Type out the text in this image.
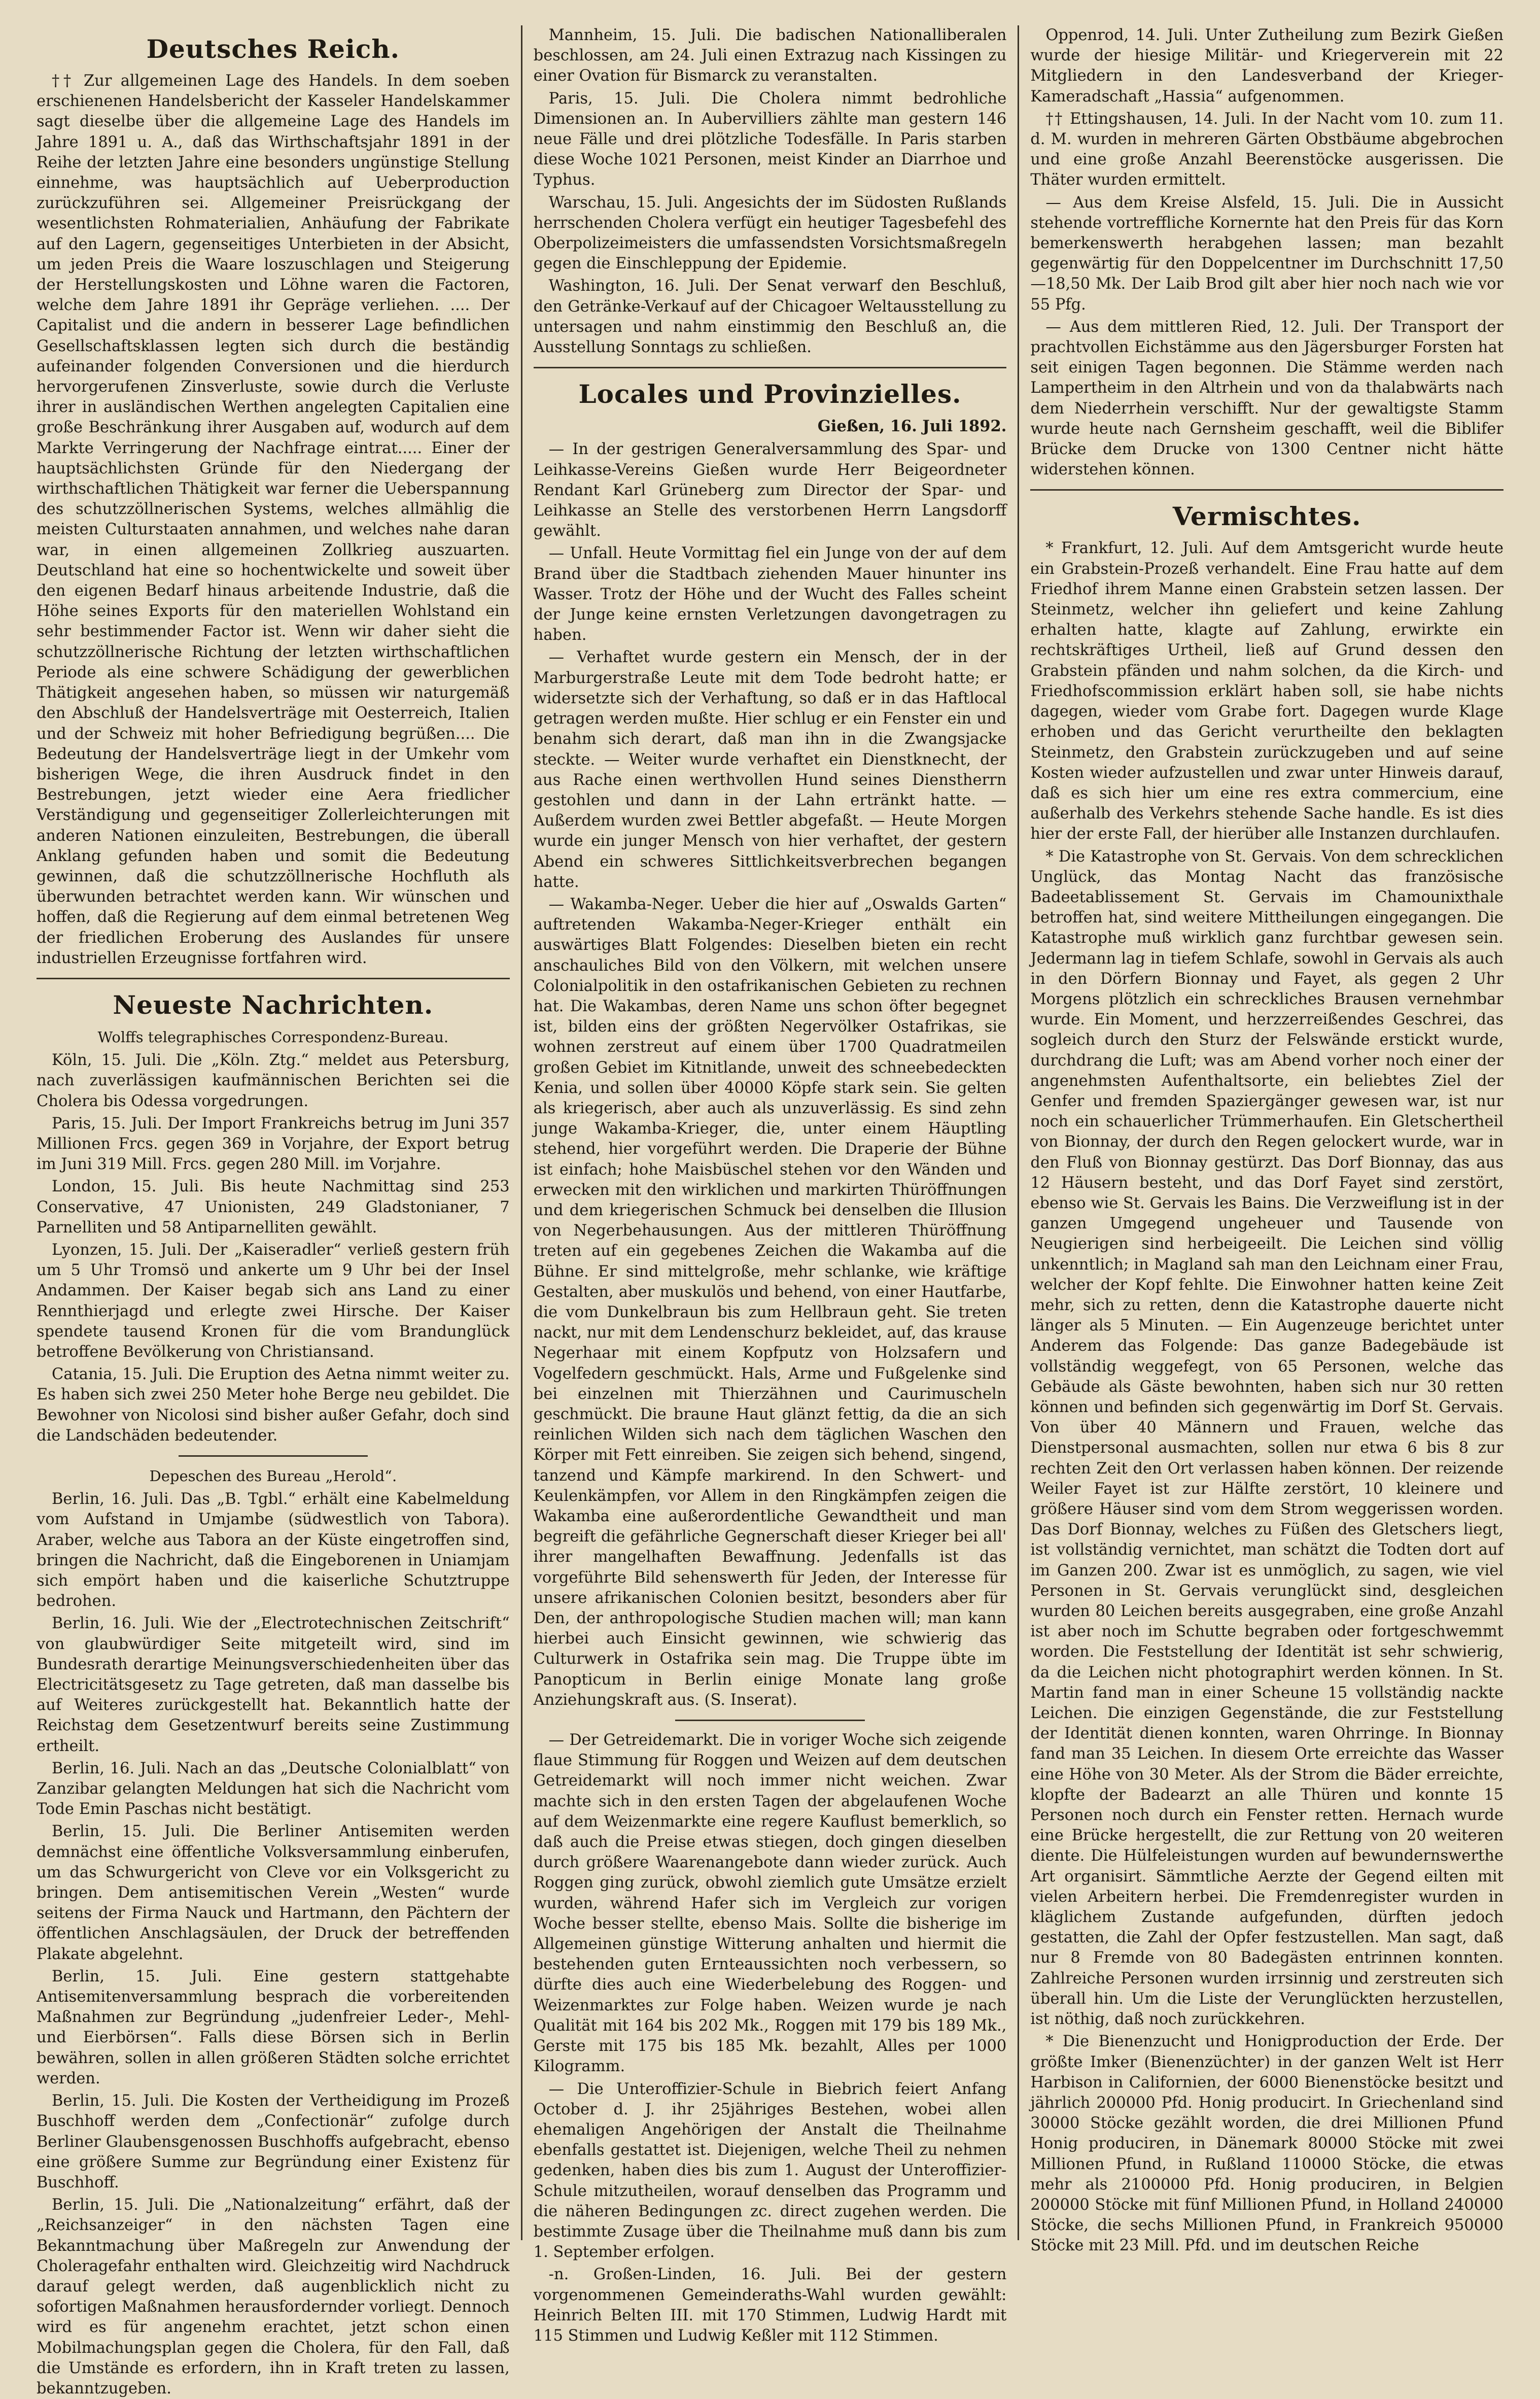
Deutsches Reich.

†† Zur allgemeinen Lage des Handels. In dem soeben erschienenen Handelsbericht der Kasseler Handelskammer sagt dieselbe über die allgemeine Lage des Handels im Jahre 1891 u. A., daß das Wirthschaftsjahr 1891 in der Reihe der letzten Jahre eine besonders ungünstige Stellung einnehme, was hauptsächlich auf Ueberproduction zurückzuführen sei. Allgemeiner Preisrückgang der wesentlichsten Rohmaterialien, Anhäufung der Fabrikate auf den Lagern, gegenseitiges Unterbieten in der Absicht, um jeden Preis die Waare loszuschlagen und Steigerung der Herstellungskosten und Löhne waren die Factoren, welche dem Jahre 1891 ihr Gepräge verliehen. .... Der Capitalist und die andern in besserer Lage befindlichen Gesellschaftsklassen legten sich durch die beständig aufeinander folgenden Conversionen und die hierdurch hervorgerufenen Zinsverluste, sowie durch die Verluste ihrer in ausländischen Werthen angelegten Capitalien eine große Beschränkung ihrer Ausgaben auf, wodurch auf dem Markte Verringerung der Nachfrage eintrat..... Einer der hauptsächlichsten Gründe für den Niedergang der wirthschaftlichen Thätigkeit war ferner die Ueberspannung des schutzzöllnerischen Systems, welches allmählig die meisten Culturstaaten annahmen, und welches nahe daran war, in einen allgemeinen Zollkrieg auszuarten. Deutschland hat eine so hochentwickelte und soweit über den eigenen Bedarf hinaus arbeitende Industrie, daß die Höhe seines Exports für den materiellen Wohlstand ein sehr bestimmender Factor ist. Wenn wir daher sieht die schutzzöllnerische Richtung der letzten wirthschaftlichen Periode als eine schwere Schädigung der gewerblichen Thätigkeit angesehen haben, so müssen wir naturgemäß den Abschluß der Handelsverträge mit Oesterreich, Italien und der Schweiz mit hoher Befriedigung begrüßen.... Die Bedeutung der Handelsverträge liegt in der Umkehr vom bisherigen Wege, die ihren Ausdruck findet in den Bestrebungen, jetzt wieder eine Aera friedlicher Verständigung und gegenseitiger Zollerleichterungen mit anderen Nationen einzuleiten, Bestrebungen, die überall Anklang gefunden haben und somit die Bedeutung gewinnen, daß die schutzzöllnerische Hochfluth als überwunden betrachtet werden kann. Wir wünschen und hoffen, daß die Regierung auf dem einmal betretenen Weg der friedlichen Eroberung des Auslandes für unsere industriellen Erzeugnisse fortfahren wird.

Neueste Nachrichten.
Wolffs telegraphisches Correspondenz-Bureau.

Köln, 15. Juli. Die „Köln. Ztg.“ meldet aus Petersburg, nach zuverlässigen kaufmännischen Berichten sei die Cholera bis Odessa vorgedrungen.

Paris, 15. Juli. Der Import Frankreichs betrug im Juni 357 Millionen Frcs. gegen 369 in Vorjahre, der Export betrug im Juni 319 Mill. Frcs. gegen 280 Mill. im Vorjahre.

London, 15. Juli. Bis heute Nachmittag sind 253 Conservative, 47 Unionisten, 249 Gladstonianer, 7 Parnelliten und 58 Antiparnelliten gewählt.

Lyonzen, 15. Juli. Der „Kaiseradler“ verließ gestern früh um 5 Uhr Tromsö und ankerte um 9 Uhr bei der Insel Andammen. Der Kaiser begab sich ans Land zu einer Rennthierjagd und erlegte zwei Hirsche. Der Kaiser spendete tausend Kronen für die vom Brandunglück betroffene Bevölkerung von Christiansand.

Catania, 15. Juli. Die Eruption des Aetna nimmt weiter zu. Es haben sich zwei 250 Meter hohe Berge neu gebildet. Die Bewohner von Nicolosi sind bisher außer Gefahr, doch sind die Landschäden bedeutender.

Depeschen des Bureau „Herold“.

Berlin, 16. Juli. Das „B. Tgbl.“ erhält eine Kabelmeldung vom Aufstand in Umjambe (südwestlich von Tabora). Araber, welche aus Tabora an der Küste eingetroffen sind, bringen die Nachricht, daß die Eingeborenen in Uniamjam sich empört haben und die kaiserliche Schutztruppe bedrohen.

Berlin, 16. Juli. Wie der „Electrotechnischen Zeitschrift“ von glaubwürdiger Seite mitgeteilt wird, sind im Bundesrath derartige Meinungsverschiedenheiten über das Electricitätsgesetz zu Tage getreten, daß man dasselbe bis auf Weiteres zurückgestellt hat. Bekanntlich hatte der Reichstag dem Gesetzentwurf bereits seine Zustimmung ertheilt.

Berlin, 16. Juli. Nach an das „Deutsche Colonialblatt“ von Zanzibar gelangten Meldungen hat sich die Nachricht vom Tode Emin Paschas nicht bestätigt.

Berlin, 15. Juli. Die Berliner Antisemiten werden demnächst eine öffentliche Volksversammlung einberufen, um das Schwurgericht von Cleve vor ein Volksgericht zu bringen. Dem antisemitischen Verein „Westen“ wurde seitens der Firma Nauck und Hartmann, den Pächtern der öffentlichen Anschlagsäulen, der Druck der betreffenden Plakate abgelehnt.

Berlin, 15. Juli. Eine gestern stattgehabte Antisemitenversammlung besprach die vorbereitenden Maßnahmen zur Begründung „judenfreier Leder-, Mehl- und Eierbörsen“. Falls diese Börsen sich in Berlin bewähren, sollen in allen größeren Städten solche errichtet werden.

Berlin, 15. Juli. Die Kosten der Vertheidigung im Prozeß Buschhoff werden dem „Confectionär“ zufolge durch Berliner Glaubensgenossen Buschhoffs aufgebracht, ebenso eine größere Summe zur Begründung einer Existenz für Buschhoff.

Berlin, 15. Juli. Die „Nationalzeitung“ erfährt, daß der „Reichsanzeiger“ in den nächsten Tagen eine Bekanntmachung über Maßregeln zur Anwendung der Choleragefahr enthalten wird. Gleichzeitig wird Nachdruck darauf gelegt werden, daß augenblicklich nicht zu sofortigen Maßnahmen herausfordernder vorliegt. Dennoch wird es für angenehm erachtet, jetzt schon einen Mobilmachungsplan gegen die Cholera, für den Fall, daß die Umstände es erfordern, ihn in Kraft treten zu lassen, bekanntzugeben.

Mannheim, 15. Juli. Die badischen Nationalliberalen beschlossen, am 24. Juli einen Extrazug nach Kissingen zu einer Ovation für Bismarck zu veranstalten.

Paris, 15. Juli. Die Cholera nimmt bedrohliche Dimensionen an. In Aubervilliers zählte man gestern 146 neue Fälle und drei plötzliche Todesfälle. In Paris starben diese Woche 1021 Personen, meist Kinder an Diarrhoe und Typhus.

Warschau, 15. Juli. Angesichts der im Südosten Rußlands herrschenden Cholera verfügt ein heutiger Tagesbefehl des Oberpolizeimeisters die umfassendsten Vorsichtsmaßregeln gegen die Einschleppung der Epidemie.

Washington, 16. Juli. Der Senat verwarf den Beschluß, den Getränke-Verkauf auf der Chicagoer Weltausstellung zu untersagen und nahm einstimmig den Beschluß an, die Ausstellung Sonntags zu schließen.

Locales und Provinzielles.
Gießen, 16. Juli 1892.

— In der gestrigen Generalversammlung des Spar- und Leihkasse-Vereins Gießen wurde Herr Beigeordneter Rendant Karl Grüneberg zum Director der Spar- und Leihkasse an Stelle des verstorbenen Herrn Langsdorff gewählt.

— Unfall. Heute Vormittag fiel ein Junge von der auf dem Brand über die Stadtbach ziehenden Mauer hinunter ins Wasser. Trotz der Höhe und der Wucht des Falles scheint der Junge keine ernsten Verletzungen davongetragen zu haben.

— Verhaftet wurde gestern ein Mensch, der in der Marburgerstraße Leute mit dem Tode bedroht hatte; er widersetzte sich der Verhaftung, so daß er in das Haftlocal getragen werden mußte. Hier schlug er ein Fenster ein und benahm sich derart, daß man ihn in die Zwangsjacke steckte. — Weiter wurde verhaftet ein Dienstknecht, der aus Rache einen werthvollen Hund seines Dienstherrn gestohlen und dann in der Lahn ertränkt hatte. — Außerdem wurden zwei Bettler abgefaßt. — Heute Morgen wurde ein junger Mensch von hier verhaftet, der gestern Abend ein schweres Sittlichkeitsverbrechen begangen hatte.

— Wakamba-Neger. Ueber die hier auf „Oswalds Garten“ auftretenden Wakamba-Neger-Krieger enthält ein auswärtiges Blatt Folgendes: Dieselben bieten ein recht anschauliches Bild von den Völkern, mit welchen unsere Colonialpolitik in den ostafrikanischen Gebieten zu rechnen hat. Die Wakambas, deren Name uns schon öfter begegnet ist, bilden eins der größten Negervölker Ostafrikas, sie wohnen zerstreut auf einem über 1700 Quadratmeilen großen Gebiet im Kitnitlande, unweit des schneebedeckten Kenia, und sollen über 40000 Köpfe stark sein. Sie gelten als kriegerisch, aber auch als unzuverlässig. Es sind zehn junge Wakamba-Krieger, die, unter einem Häuptling stehend, hier vorgeführt werden. Die Draperie der Bühne ist einfach; hohe Maisbüschel stehen vor den Wänden und erwecken mit den wirklichen und markirten Thüröffnungen und dem kriegerischen Schmuck bei denselben die Illusion von Negerbehausungen. Aus der mittleren Thüröffnung treten auf ein gegebenes Zeichen die Wakamba auf die Bühne. Er sind mittelgroße, mehr schlanke, wie kräftige Gestalten, aber muskulös und behend, von einer Hautfarbe, die vom Dunkelbraun bis zum Hellbraun geht. Sie treten nackt, nur mit dem Lendenschurz bekleidet, auf, das krause Negerhaar mit einem Kopfputz von Holzsafern und Vogelfedern geschmückt. Hals, Arme und Fußgelenke sind bei einzelnen mit Thierzähnen und Caurimuscheln geschmückt. Die braune Haut glänzt fettig, da die an sich reinlichen Wilden sich nach dem täglichen Waschen den Körper mit Fett einreiben. Sie zeigen sich behend, singend, tanzend und Kämpfe markirend. In den Schwert- und Keulenkämpfen, vor Allem in den Ringkämpfen zeigen die Wakamba eine außerordentliche Gewandtheit und man begreift die gefährliche Gegnerschaft dieser Krieger bei all' ihrer mangelhaften Bewaffnung. Jedenfalls ist das vorgeführte Bild sehenswerth für Jeden, der Interesse für unsere afrikanischen Colonien besitzt, besonders aber für Den, der anthropologische Studien machen will; man kann hierbei auch Einsicht gewinnen, wie schwierig das Culturwerk in Ostafrika sein mag. Die Truppe übte im Panopticum in Berlin einige Monate lang große Anziehungskraft aus. (S. Inserat).

— Der Getreidemarkt. Die in voriger Woche sich zeigende flaue Stimmung für Roggen und Weizen auf dem deutschen Getreidemarkt will noch immer nicht weichen. Zwar machte sich in den ersten Tagen der abgelaufenen Woche auf dem Weizenmarkte eine regere Kauflust bemerklich, so daß auch die Preise etwas stiegen, doch gingen dieselben durch größere Waarenangebote dann wieder zurück. Auch Roggen ging zurück, obwohl ziemlich gute Umsätze erzielt wurden, während Hafer sich im Vergleich zur vorigen Woche besser stellte, ebenso Mais. Sollte die bisherige im Allgemeinen günstige Witterung anhalten und hiermit die bestehenden guten Ernteaussichten noch verbessern, so dürfte dies auch eine Wiederbelebung des Roggen- und Weizenmarktes zur Folge haben. Weizen wurde je nach Qualität mit 164 bis 202 Mk., Roggen mit 179 bis 189 Mk., Gerste mit 175 bis 185 Mk. bezahlt, Alles per 1000 Kilogramm.

— Die Unteroffizier-Schule in Biebrich feiert Anfang October d. J. ihr 25jähriges Bestehen, wobei allen ehemaligen Angehörigen der Anstalt die Theilnahme ebenfalls gestattet ist. Diejenigen, welche Theil zu nehmen gedenken, haben dies bis zum 1. August der Unteroffizier-Schule mitzutheilen, worauf denselben das Programm und die näheren Bedingungen zc. direct zugehen werden. Die bestimmte Zusage über die Theilnahme muß dann bis zum 1. September erfolgen.

-n. Großen-Linden, 16. Juli. Bei der gestern vorgenommenen Gemeinderaths-Wahl wurden gewählt: Heinrich Belten III. mit 170 Stimmen, Ludwig Hardt mit 115 Stimmen und Ludwig Keßler mit 112 Stimmen.

Oppenrod, 14. Juli. Unter Zutheilung zum Bezirk Gießen wurde der hiesige Militär- und Kriegerverein mit 22 Mitgliedern in den Landesverband der Krieger-Kameradschaft „Hassia“ aufgenommen.

†† Ettingshausen, 14. Juli. In der Nacht vom 10. zum 11. d. M. wurden in mehreren Gärten Obstbäume abgebrochen und eine große Anzahl Beerenstöcke ausgerissen. Die Thäter wurden ermittelt.

— Aus dem Kreise Alsfeld, 15. Juli. Die in Aussicht stehende vortreffliche Kornernte hat den Preis für das Korn bemerkenswerth herabgehen lassen; man bezahlt gegenwärtig für den Doppelcentner im Durchschnitt 17,50—18,50 Mk. Der Laib Brod gilt aber hier noch nach wie vor 55 Pfg.

— Aus dem mittleren Ried, 12. Juli. Der Transport der prachtvollen Eichstämme aus den Jägersburger Forsten hat seit einigen Tagen begonnen. Die Stämme werden nach Lampertheim in den Altrhein und von da thalabwärts nach dem Niederrhein verschifft. Nur der gewaltigste Stamm wurde heute nach Gernsheim geschafft, weil die Biblifer Brücke dem Drucke von 1300 Centner nicht hätte widerstehen können.

Vermischtes.

* Frankfurt, 12. Juli. Auf dem Amtsgericht wurde heute ein Grabstein-Prozeß verhandelt. Eine Frau hatte auf dem Friedhof ihrem Manne einen Grabstein setzen lassen. Der Steinmetz, welcher ihn geliefert und keine Zahlung erhalten hatte, klagte auf Zahlung, erwirkte ein rechtskräftiges Urtheil, ließ auf Grund dessen den Grabstein pfänden und nahm solchen, da die Kirch- und Friedhofscommission erklärt haben soll, sie habe nichts dagegen, wieder vom Grabe fort. Dagegen wurde Klage erhoben und das Gericht verurtheilte den beklagten Steinmetz, den Grabstein zurückzugeben und auf seine Kosten wieder aufzustellen und zwar unter Hinweis darauf, daß es sich hier um eine res extra commercium, eine außerhalb des Verkehrs stehende Sache handle. Es ist dies hier der erste Fall, der hierüber alle Instanzen durchlaufen.

* Die Katastrophe von St. Gervais. Von dem schrecklichen Unglück, das Montag Nacht das französische Badeetablissement St. Gervais im Chamounixthale betroffen hat, sind weitere Mittheilungen eingegangen. Die Katastrophe muß wirklich ganz furchtbar gewesen sein. Jedermann lag in tiefem Schlafe, sowohl in Gervais als auch in den Dörfern Bionnay und Fayet, als gegen 2 Uhr Morgens plötzlich ein schreckliches Brausen vernehmbar wurde. Ein Moment, und herzzerreißendes Geschrei, das sogleich durch den Sturz der Felswände erstickt wurde, durchdrang die Luft; was am Abend vorher noch einer der angenehmsten Aufenthaltsorte, ein beliebtes Ziel der Genfer und fremden Spaziergänger gewesen war, ist nur noch ein schauerlicher Trümmerhaufen. Ein Gletschertheil von Bionnay, der durch den Regen gelockert wurde, war in den Fluß von Bionnay gestürzt. Das Dorf Bionnay, das aus 12 Häusern besteht, und das Dorf Fayet sind zerstört, ebenso wie St. Gervais les Bains. Die Verzweiflung ist in der ganzen Umgegend ungeheuer und Tausende von Neugierigen sind herbeigeeilt. Die Leichen sind völlig unkenntlich; in Magland sah man den Leichnam einer Frau, welcher der Kopf fehlte. Die Einwohner hatten keine Zeit mehr, sich zu retten, denn die Katastrophe dauerte nicht länger als 5 Minuten. — Ein Augenzeuge berichtet unter Anderem das Folgende: Das ganze Badegebäude ist vollständig weggefegt, von 65 Personen, welche das Gebäude als Gäste bewohnten, haben sich nur 30 retten können und befinden sich gegenwärtig im Dorf St. Gervais. Von über 40 Männern und Frauen, welche das Dienstpersonal ausmachten, sollen nur etwa 6 bis 8 zur rechten Zeit den Ort verlassen haben können. Der reizende Weiler Fayet ist zur Hälfte zerstört, 10 kleinere und größere Häuser sind vom dem Strom weggerissen worden. Das Dorf Bionnay, welches zu Füßen des Gletschers liegt, ist vollständig vernichtet, man schätzt die Todten dort auf im Ganzen 200. Zwar ist es unmöglich, zu sagen, wie viel Personen in St. Gervais verunglückt sind, desgleichen wurden 80 Leichen bereits ausgegraben, eine große Anzahl ist aber noch im Schutte begraben oder fortgeschwemmt worden. Die Feststellung der Identität ist sehr schwierig, da die Leichen nicht photographirt werden können. In St. Martin fand man in einer Scheune 15 vollständig nackte Leichen. Die einzigen Gegenstände, die zur Feststellung der Identität dienen konnten, waren Ohrringe. In Bionnay fand man 35 Leichen. In diesem Orte erreichte das Wasser eine Höhe von 30 Meter. Als der Strom die Bäder erreichte, klopfte der Badearzt an alle Thüren und konnte 15 Personen noch durch ein Fenster retten. Hernach wurde eine Brücke hergestellt, die zur Rettung von 20 weiteren diente. Die Hülfeleistungen wurden auf bewundernswerthe Art organisirt. Sämmtliche Aerzte der Gegend eilten mit vielen Arbeitern herbei. Die Fremdenregister wurden in kläglichem Zustande aufgefunden, dürften jedoch gestatten, die Zahl der Opfer festzustellen. Man sagt, daß nur 8 Fremde von 80 Badegästen entrinnen konnten. Zahlreiche Personen wurden irrsinnig und zerstreuten sich überall hin. Um die Liste der Verunglückten herzustellen, ist nöthig, daß noch zurückkehren.

* Die Bienenzucht und Honigproduction der Erde. Der größte Imker (Bienenzüchter) in der ganzen Welt ist Herr Harbison in Californien, der 6000 Bienenstöcke besitzt und jährlich 200000 Pfd. Honig producirt. In Griechenland sind 30000 Stöcke gezählt worden, die drei Millionen Pfund Honig produciren, in Dänemark 80000 Stöcke mit zwei Millionen Pfund, in Rußland 110000 Stöcke, die etwas mehr als 2100000 Pfd. Honig produciren, in Belgien 200000 Stöcke mit fünf Millionen Pfund, in Holland 240000 Stöcke, die sechs Millionen Pfund, in Frankreich 950000 Stöcke mit 23 Mill. Pfd. und im deutschen Reiche
